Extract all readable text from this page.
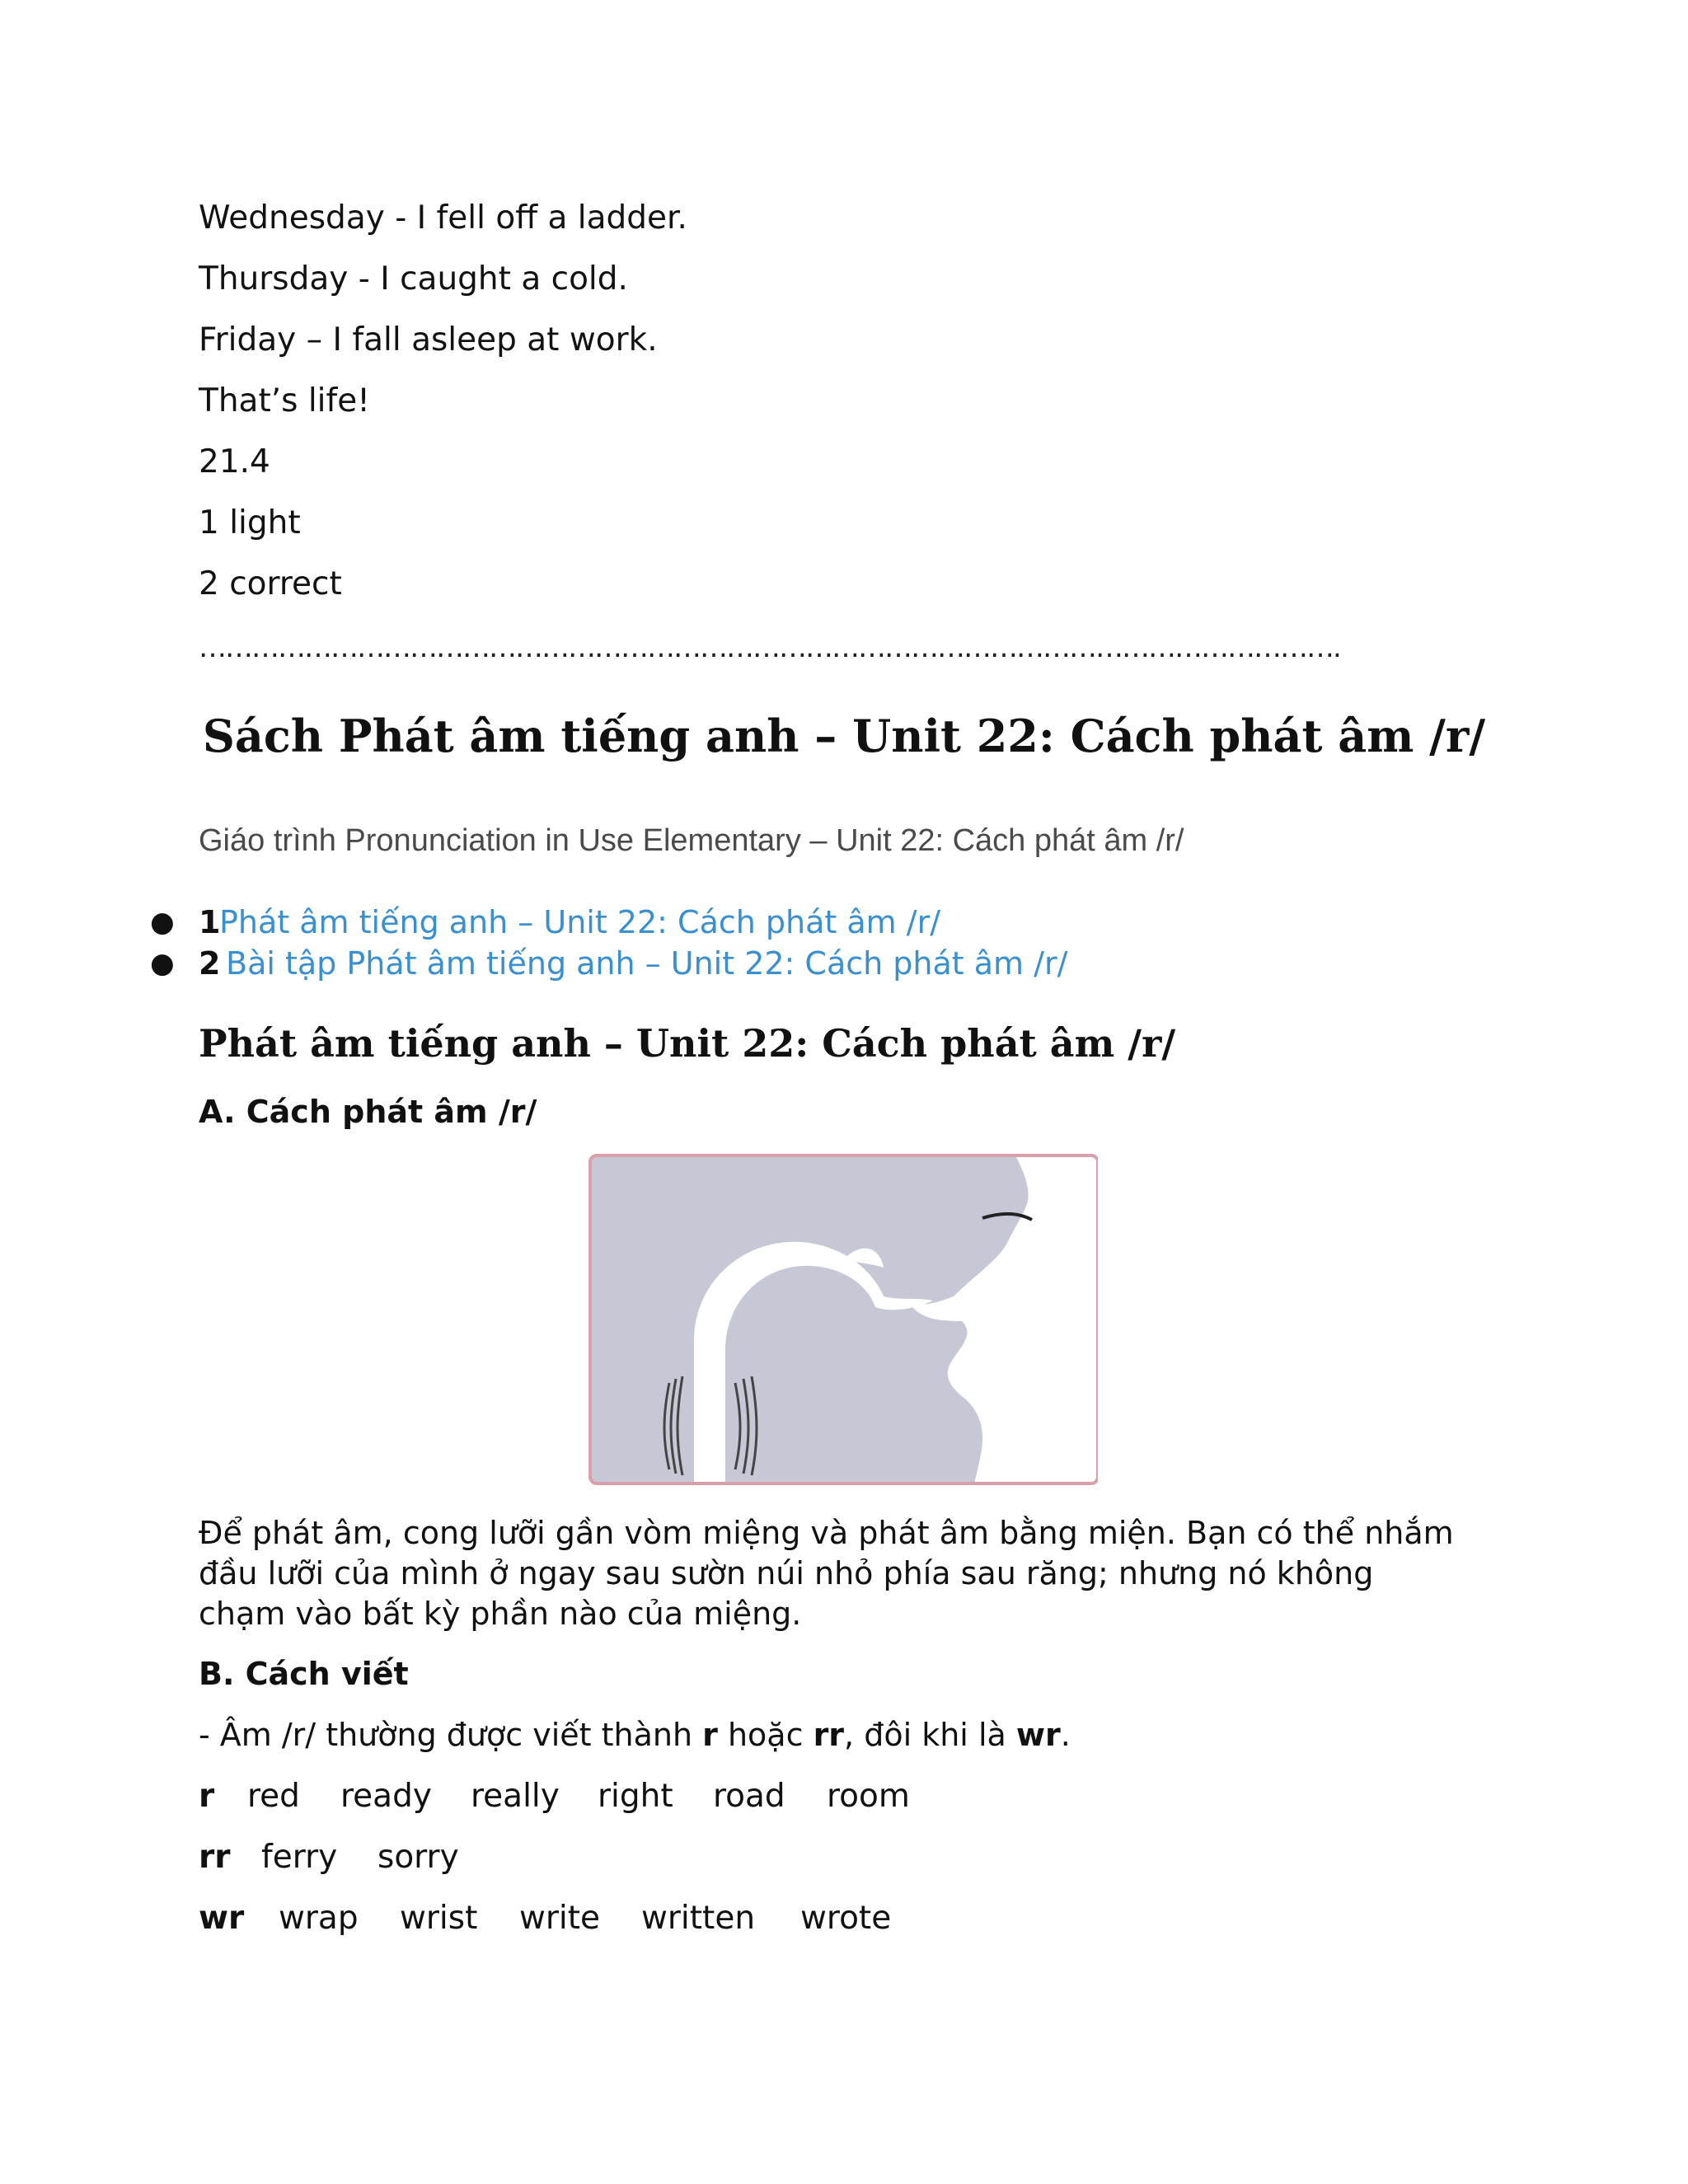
Wednesday - I fell off a ladder.
Thursday - I caught a cold.
Friday – I fall asleep at work.
That’s life!
21.4
1 light
2 correct
………………………………………………………………………………………………………………….
Sách Phát âm tiếng anh – Unit 22: Cách phát âm /r/
Giáo trình Pronunciation in Use Elementary – Unit 22: Cách phát âm /r/
● 1
Phát âm tiếng anh – Unit 22: Cách phát âm /r/
● 2 Bài tập Phát âm tiếng anh – Unit 22: Cách phát âm /r/
Phát âm tiếng anh – Unit 22: Cách phát âm /r/
A. Cách phát âm /r/

Để phát âm, cong lưỡi gần vòm miệng và phát âm bằng miện. Bạn có thể nhắm
đầu lưỡi của mình ở ngay sau sườn núi nhỏ phía sau răng; nhưng nó không
chạm vào bất kỳ phần nào của miệng.

B. Cách viết
- Âm /r/ thường được viết thành r hoặc rr, đôi khi là wr.
r red ready really right road room
rr ferry sorry
wr wrap wrist write written wrote
